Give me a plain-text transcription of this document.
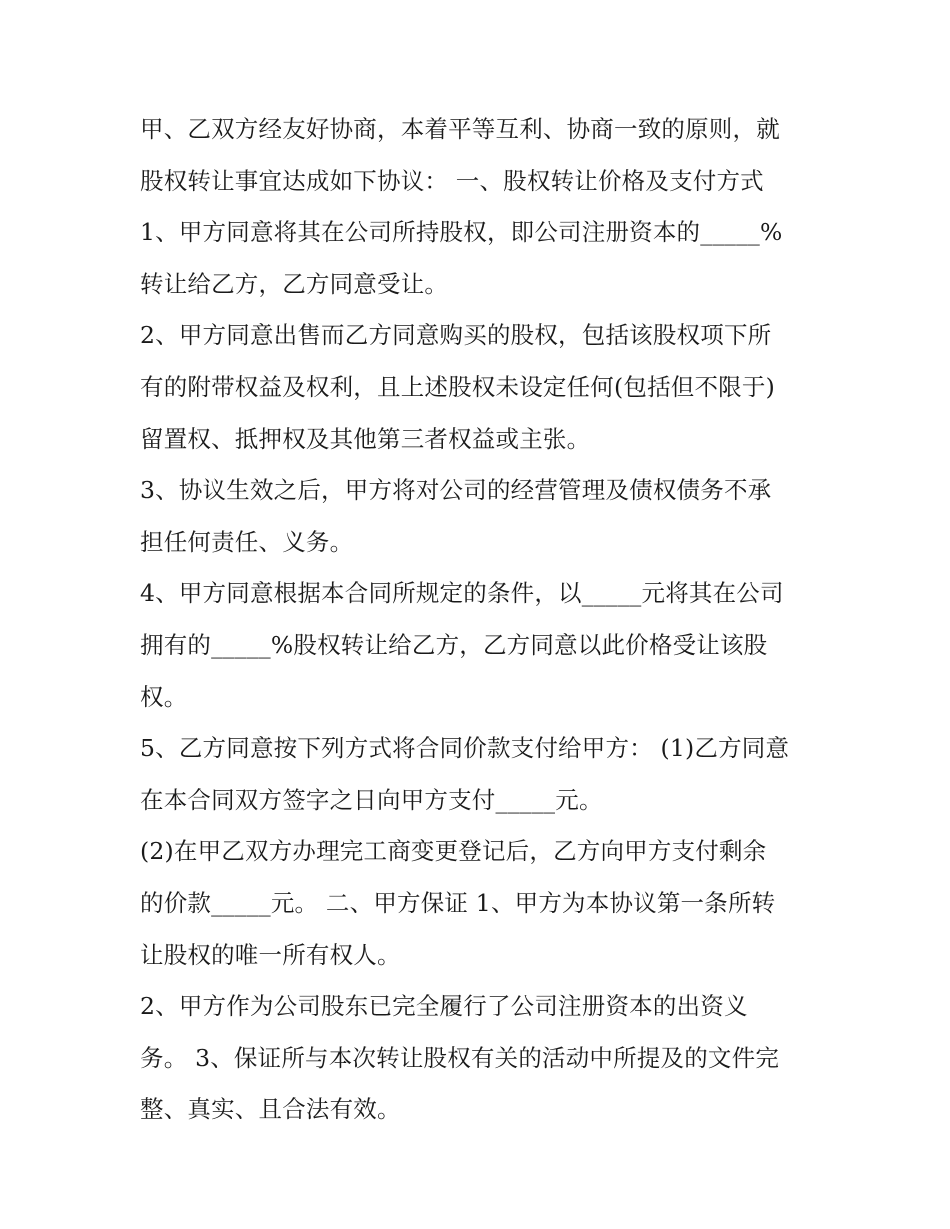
甲、乙双方经友好协商，本着平等互利、协商一致的原则，就
股权转让事宜达成如下协议： 一、股权转让价格及支付方式
1、甲方同意将其在公司所持股权，即公司注册资本的_____%
转让给乙方，乙方同意受让。
2、甲方同意出售而乙方同意购买的股权，包括该股权项下所
有的附带权益及权利，且上述股权未设定任何(包括但不限于)
留置权、抵押权及其他第三者权益或主张。
3、协议生效之后，甲方将对公司的经营管理及债权债务不承
担任何责任、义务。
4、甲方同意根据本合同所规定的条件，以_____元将其在公司
拥有的_____%股权转让给乙方，乙方同意以此价格受让该股
权。
5、乙方同意按下列方式将合同价款支付给甲方： (1)乙方同意
在本合同双方签字之日向甲方支付_____元。
(2)在甲乙双方办理完工商变更登记后，乙方向甲方支付剩余
的价款_____元。 二、甲方保证 1、甲方为本协议第一条所转
让股权的唯一所有权人。
2、甲方作为公司股东已完全履行了公司注册资本的出资义
务。 3、保证所与本次转让股权有关的活动中所提及的文件完
整、真实、且合法有效。
